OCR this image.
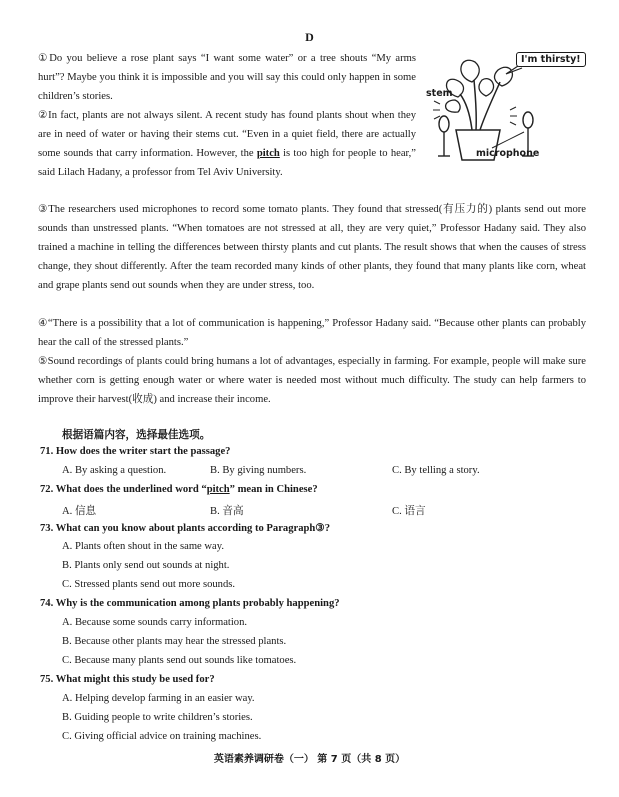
D

①Do you believe a rose plant says “I want some water” or a tree shouts “My arms hurt”? Maybe you think it is impossible and you will say this could only happen in some children’s stories.

②In fact, plants are not always silent. A recent study has found plants shout when they are in need of water or having their stems cut. “Even in a quiet field, there are actually some sounds that carry information. However, the pitch is too high for people to hear,” said Lilach Hadany, a professor from Tel Aviv University.

I'm thirsty!
stem
microphone

③The researchers used microphones to record some tomato plants. They found that stressed(有压力的) plants send out more sounds than unstressed plants. “When tomatoes are not stressed at all, they are very quiet,” Professor Hadany said. They also trained a machine in telling the differences between thirsty plants and cut plants. The result shows that when the causes of stress change, they shout differently. After the team recorded many kinds of other plants, they found that many plants like corn, wheat and grape plants send out sounds when they are under stress, too.

④“There is a possibility that a lot of communication is happening,” Professor Hadany said. “Because other plants can probably hear the call of the stressed plants.”

⑤Sound recordings of plants could bring humans a lot of advantages, especially in farming. For example, people will make sure whether corn is getting enough water or where water is needed most without much difficulty. The study can help farmers to improve their harvest(收成) and increase their income.

根据语篇内容，选择最佳选项。
71. How does the writer start the passage?
A. By asking a question.	B. By giving numbers.	C. By telling a story.
72. What does the underlined word “pitch” mean in Chinese?
A. 信息	B. 音高	C. 语言
73. What can you know about plants according to Paragraph③?
A. Plants often shout in the same way.
B. Plants only send out sounds at night.
C. Stressed plants send out more sounds.
74. Why is the communication among plants probably happening?
A. Because some sounds carry information.
B. Because other plants may hear the stressed plants.
C. Because many plants send out sounds like tomatoes.
75. What might this study be used for?
A. Helping develop farming in an easier way.
B. Guiding people to write children’s stories.
C. Giving official advice on training machines.
英语素养调研卷（一） 第 7 页（共 8 页）
